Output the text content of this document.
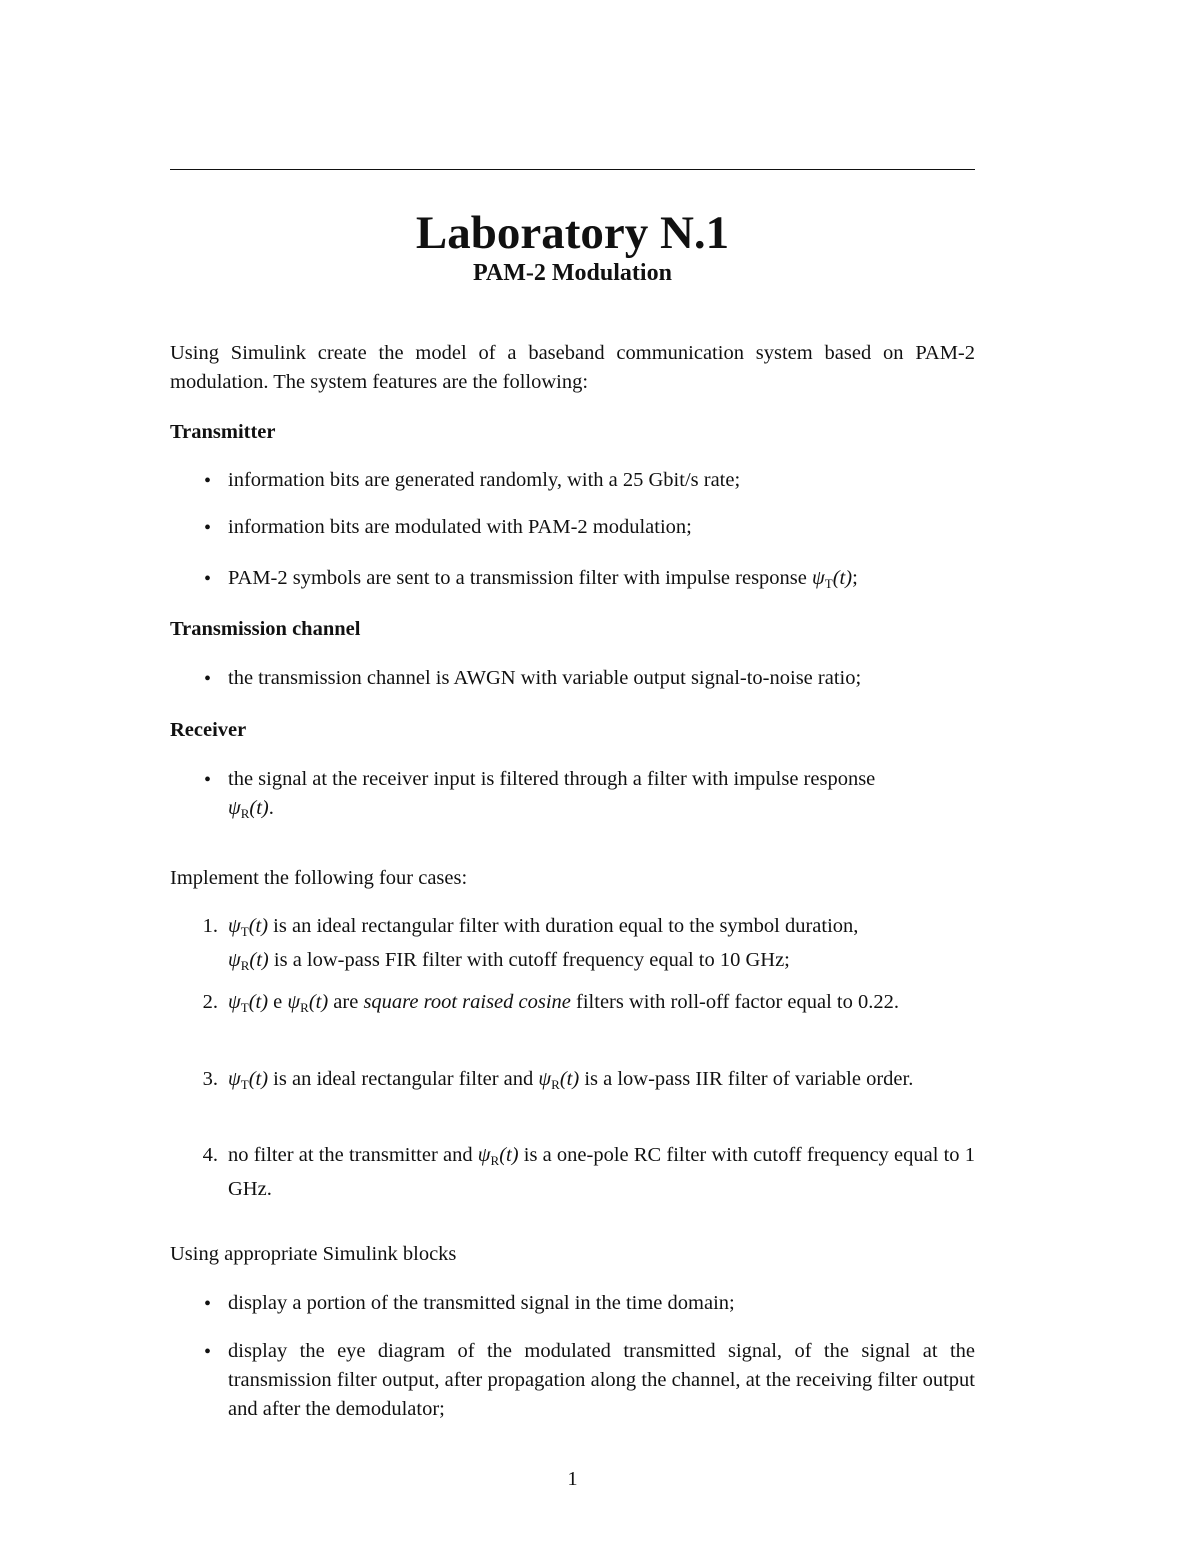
Laboratory N.1
PAM-2 Modulation
Using Simulink create the model of a baseband communication system based on PAM-2 modulation. The system features are the following:
Transmitter
• information bits are generated randomly, with a 25 Gbit/s rate;
• information bits are modulated with PAM-2 modulation;
• PAM-2 symbols are sent to a transmission filter with impulse response $\psi_T(t)$;
Transmission channel
• the transmission channel is AWGN with variable output signal-to-noise ratio;
Receiver
• the signal at the receiver input is filtered through a filter with impulse response
$\psi_R(t)$.
Implement the following four cases:
1. $\psi_T(t)$ is an ideal rectangular filter with duration equal to the symbol duration,
$\psi_R(t)$ is a low-pass FIR filter with cutoff frequency equal to 10 GHz;
2. $\psi_T(t)$ e $\psi_R(t)$ are square root raised cosine filters with roll-off factor equal to 0.22.
3. $\psi_T(t)$ is an ideal rectangular filter and $\psi_R(t)$ is a low-pass IIR filter of variable order.
4. no filter at the transmitter and $\psi_R(t)$ is a one-pole RC filter with cutoff frequency equal to 1 GHz.
Using appropriate Simulink blocks
• display a portion of the transmitted signal in the time domain;
• display the eye diagram of the modulated transmitted signal, of the signal at the transmission filter output, after propagation along the channel, at the receiving filter output and after the demodulator;
1
